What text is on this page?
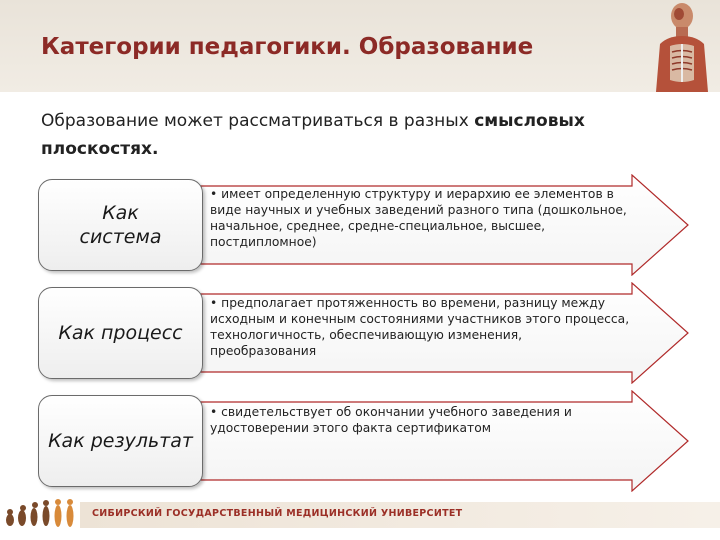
Категории педагогики. Образование
Образование может рассматриваться в разных смысловых плоскостях.
Как система
• имеет определенную структуру и иерархию ее элементов в виде научных и учебных заведений разного типа (дошкольное, начальное, среднее, средне-специальное, высшее, постдипломное)
Как процесс
• предполагает протяженность во времени, разницу между исходным и конечным состояниями участников этого процесса, технологичность, обеспечивающую изменения, преобразования
Как результат
• свидетельствует об окончании учебного заведения и удостоверении этого факта сертификатом
СИБИРСКИЙ ГОСУДАРСТВЕННЫЙ МЕДИЦИНСКИЙ УНИВЕРСИТЕТ
